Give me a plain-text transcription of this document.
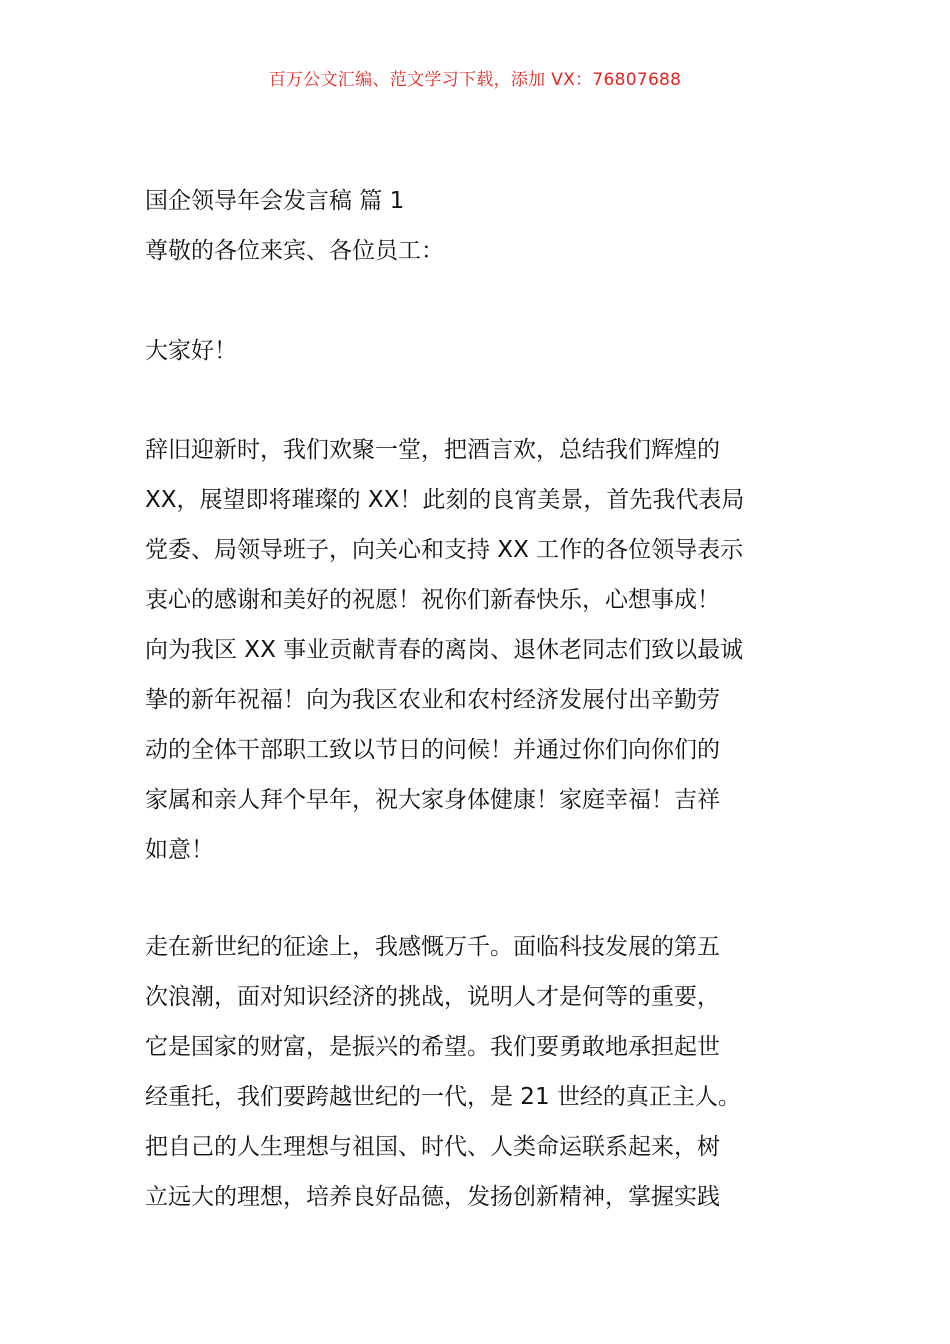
百万公文汇编、范文学习下载，添加 VX：76807688
国企领导年会发言稿 篇 1
尊敬的各位来宾、各位员工：
大家好！
辞旧迎新时，我们欢聚一堂，把酒言欢，总结我们辉煌的
XX，展望即将璀璨的 XX！此刻的良宵美景，首先我代表局
党委、局领导班子，向关心和支持 XX 工作的各位领导表示
衷心的感谢和美好的祝愿！祝你们新春快乐，心想事成！
向为我区 XX 事业贡献青春的离岗、退休老同志们致以最诚
挚的新年祝福！向为我区农业和农村经济发展付出辛勤劳
动的全体干部职工致以节日的问候！并通过你们向你们的
家属和亲人拜个早年，祝大家身体健康！家庭幸福！吉祥
如意！
走在新世纪的征途上，我感慨万千。面临科技发展的第五
次浪潮，面对知识经济的挑战，说明人才是何等的重要，
它是国家的财富，是振兴的希望。我们要勇敢地承担起世
经重托，我们要跨越世纪的一代，是 21 世经的真正主人。
把自己的人生理想与祖国、时代、人类命运联系起来，树
立远大的理想，培养良好品德，发扬创新精神，掌握实践
